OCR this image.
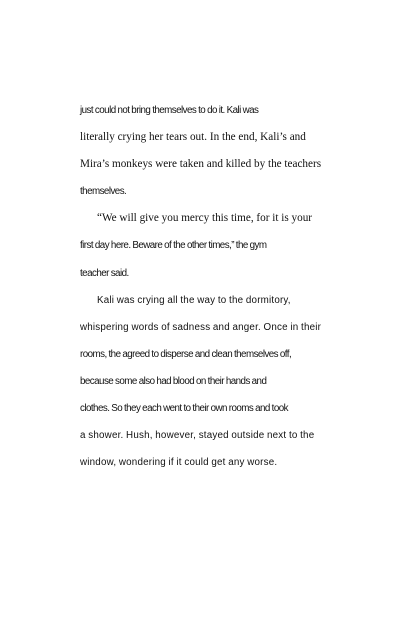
just could not bring themselves to do it. Kali was
literally crying her tears out. In the end, Kali’s and
Mira’s monkeys were taken and killed by the teachers
themselves.
“We will give you mercy this time, for it is your
first day here. Beware of the other times,” the gym
teacher said.
Kali was crying all the way to the dormitory,
whispering words of sadness and anger. Once in their
rooms, the agreed to disperse and clean themselves off,
because some also had blood on their hands and
clothes. So they each went to their own rooms and took
a shower. Hush, however, stayed outside next to the
window, wondering if it could get any worse.
